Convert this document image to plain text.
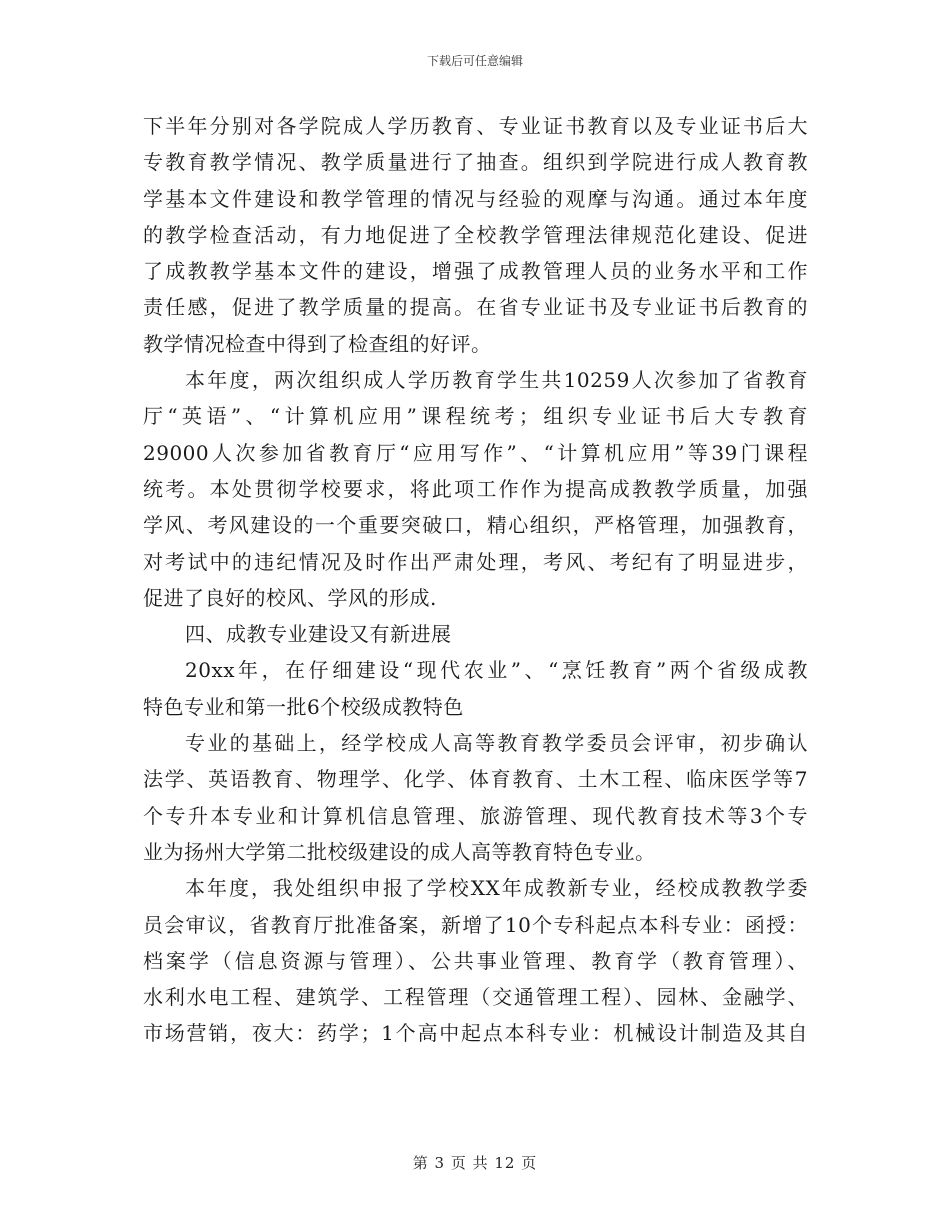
下载后可任意编辑
下半年分别对各学院成人学历教育、专业证书教育以及专业证书后大
专教育教学情况、教学质量进行了抽查。组织到学院进行成人教育教
学基本文件建设和教学管理的情况与经验的观摩与沟通。通过本年度
的教学检查活动，有力地促进了全校教学管理法律规范化建设、促进
了成教教学基本文件的建设，增强了成教管理人员的业务水平和工作
责任感，促进了教学质量的提高。在省专业证书及专业证书后教育的
教学情况检查中得到了检查组的好评。
本年度，两次组织成人学历教育学生共10259人次参加了省教育
厅“英语”、“计算机应用”课程统考；组织专业证书后大专教育
29000人次参加省教育厅“应用写作”、“计算机应用”等39门课程
统考。本处贯彻学校要求，将此项工作作为提高成教教学质量，加强
学风、考风建设的一个重要突破口，精心组织，严格管理，加强教育，
对考试中的违纪情况及时作出严肃处理，考风、考纪有了明显进步，
促进了良好的校风、学风的形成.
四、成教专业建设又有新进展
20xx年，在仔细建设“现代农业”、“烹饪教育”两个省级成教
特色专业和第一批6个校级成教特色
专业的基础上，经学校成人高等教育教学委员会评审，初步确认
法学、英语教育、物理学、化学、体育教育、土木工程、临床医学等7
个专升本专业和计算机信息管理、旅游管理、现代教育技术等3个专
业为扬州大学第二批校级建设的成人高等教育特色专业。
本年度，我处组织申报了学校XX年成教新专业，经校成教教学委
员会审议，省教育厅批准备案，新增了10个专科起点本科专业：函授：
档案学（信息资源与管理）、公共事业管理、教育学（教育管理）、
水利水电工程、建筑学、工程管理（交通管理工程）、园林、金融学、
市场营销，夜大：药学；1个高中起点本科专业：机械设计制造及其自
第 3 页 共 12 页
